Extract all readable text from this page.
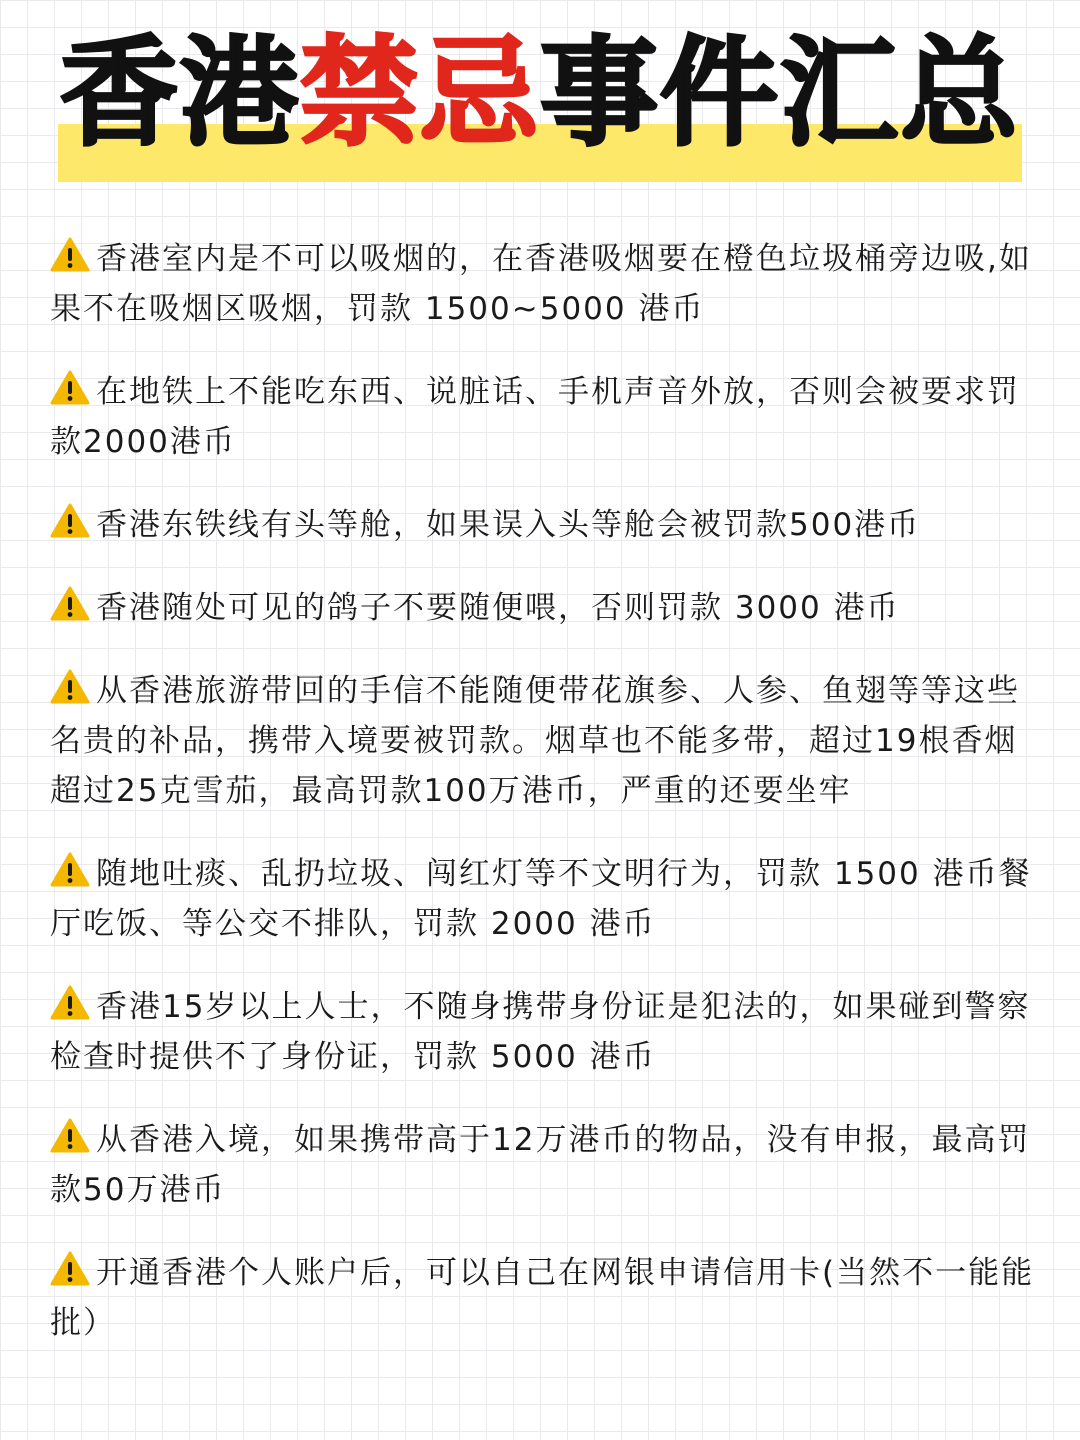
香港禁忌事件汇总

香港室内是不可以吸烟的，在香港吸烟要在橙色垃圾桶旁边吸,如果不在吸烟区吸烟，罚款 1500~5000 港币

在地铁上不能吃东西、说脏话、手机声音外放，否则会被要求罚款2000港币

香港东铁线有头等舱，如果误入头等舱会被罚款500港币

香港随处可见的鸽子不要随便喂，否则罚款 3000 港币

从香港旅游带回的手信不能随便带花旗参、人参、鱼翅等等这些名贵的补品，携带入境要被罚款。烟草也不能多带，超过19根香烟超过25克雪茄，最高罚款100万港币，严重的还要坐牢

随地吐痰、乱扔垃圾、闯红灯等不文明行为，罚款 1500 港币餐厅吃饭、等公交不排队，罚款 2000 港币

香港15岁以上人士，不随身携带身份证是犯法的，如果碰到警察检查时提供不了身份证，罚款 5000 港币

从香港入境，如果携带高于12万港币的物品，没有申报，最高罚款50万港币

开通香港个人账户后，可以自己在网银申请信用卡(当然不一能能批）
